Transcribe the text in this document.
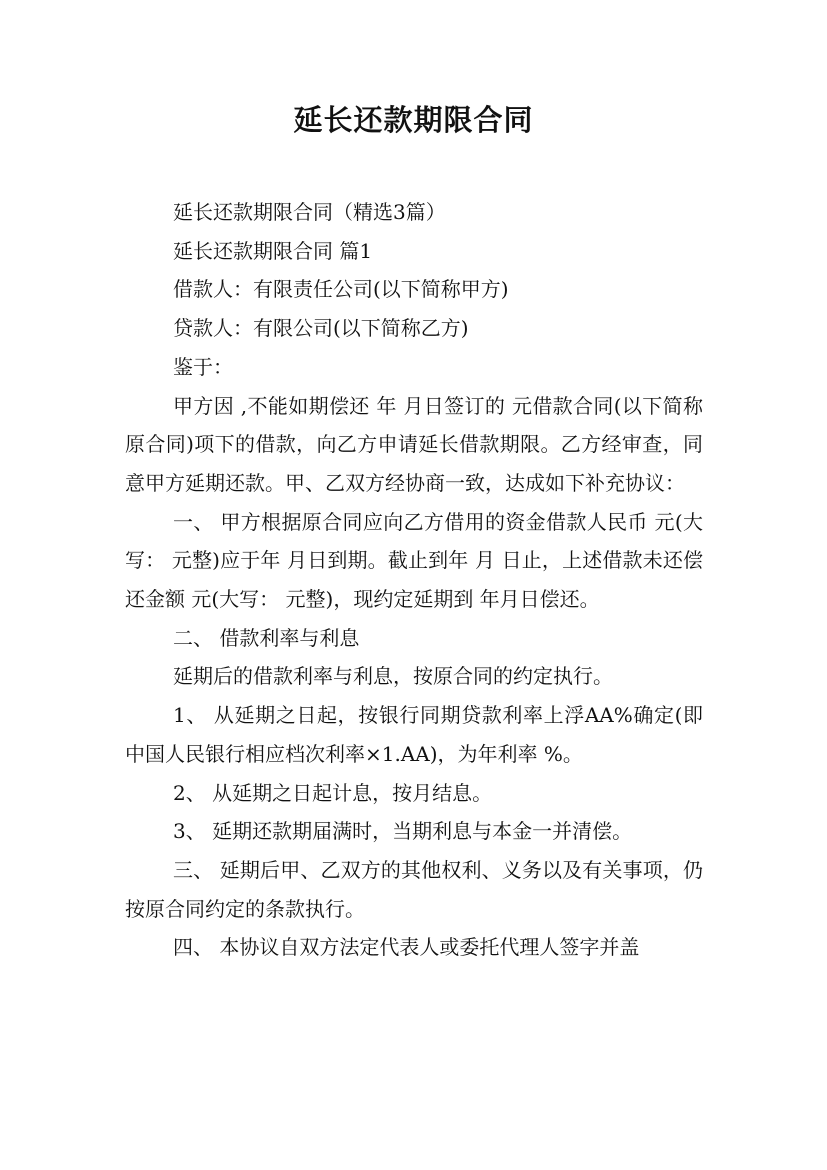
延长还款期限合同

延长还款期限合同（精选3篇）

延长还款期限合同 篇1

借款人：有限责任公司(以下简称甲方)

贷款人：有限公司(以下简称乙方)

鉴于：

甲方因 ,不能如期偿还 年 月日签订的 元借款合同(以下简称原合同)项下的借款，向乙方申请延长借款期限。乙方经审查，同意甲方延期还款。甲、乙双方经协商一致，达成如下补充协议：

一、 甲方根据原合同应向乙方借用的资金借款人民币 元(大写： 元整)应于年 月日到期。截止到年 月 日止，上述借款未还偿还金额 元(大写： 元整)，现约定延期到 年月日偿还。

二、 借款利率与利息

延期后的借款利率与利息，按原合同的约定执行。

1、 从延期之日起，按银行同期贷款利率上浮AA%确定(即中国人民银行相应档次利率×1.AA)，为年利率 %。

2、 从延期之日起计息，按月结息。

3、 延期还款期届满时，当期利息与本金一并清偿。

三、 延期后甲、乙双方的其他权利、义务以及有关事项，仍按原合同约定的条款执行。

四、 本协议自双方法定代表人或委托代理人签字并盖
